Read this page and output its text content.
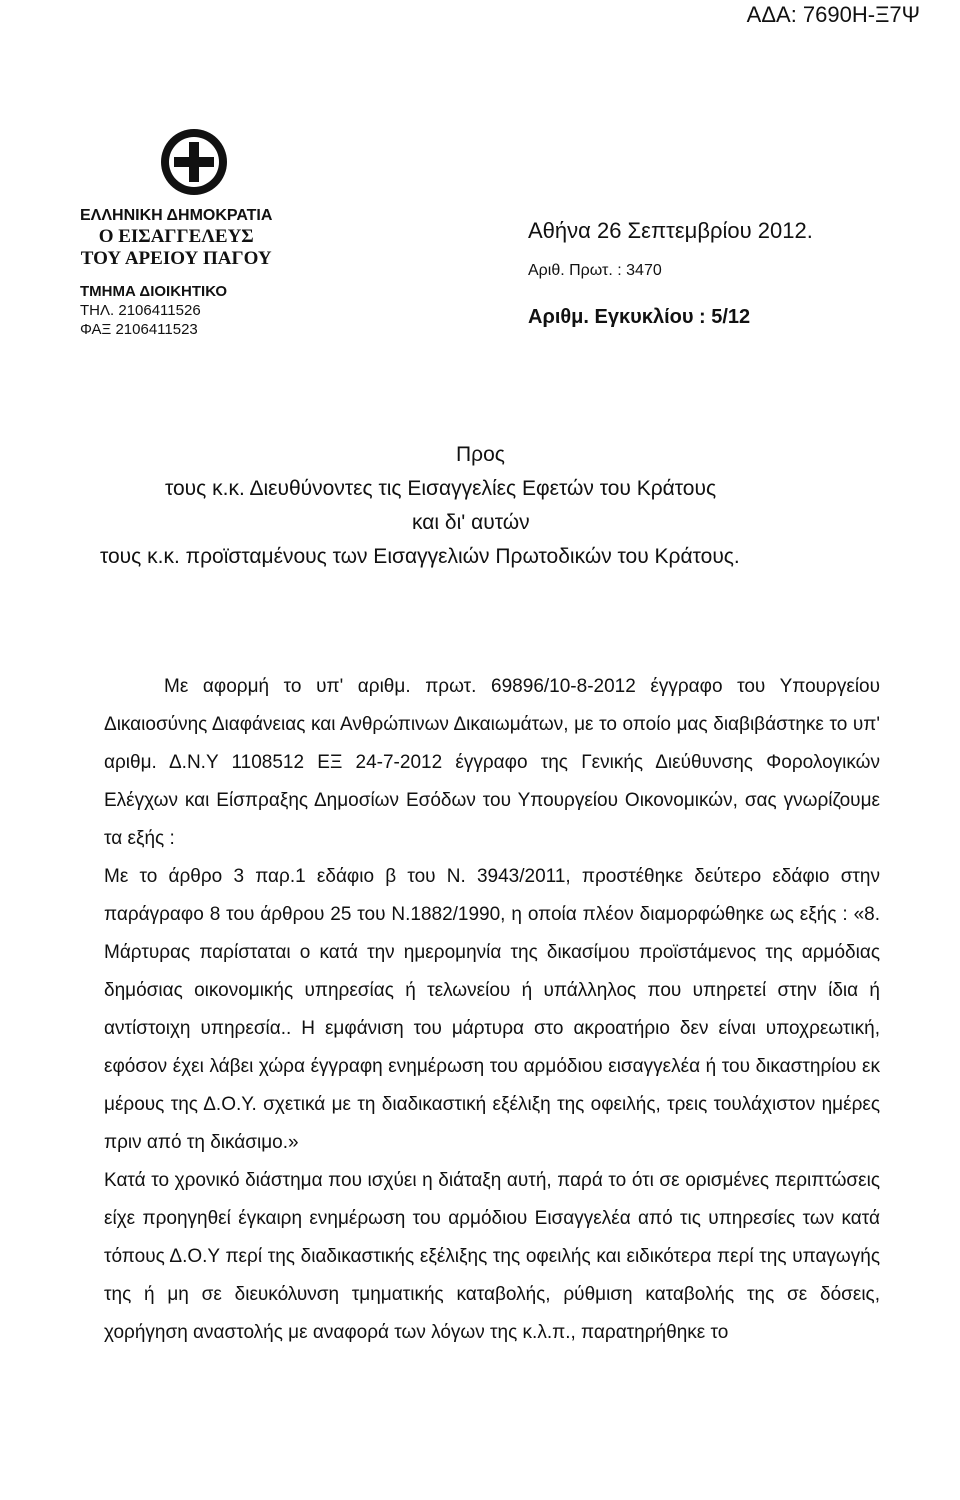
ΑΔΑ: 7690Η-Ξ7Ψ
ΕΛΛΗΝΙΚΗ ΔΗΜΟΚΡΑΤΙΑ
Ο ΕΙΣΑΓΓΕΛΕΥΣ
ΤΟΥ ΑΡΕΙΟΥ ΠΑΓΟΥ
ΤΜΗΜΑ ΔΙΟΙΚΗΤΙΚΟ
ΤΗΛ. 2106411526
ΦΑΞ 2106411523
Αθήνα 26 Σεπτεμβρίου 2012.
Αριθ. Πρωτ. : 3470
Αριθμ. Εγκυκλίου : 5/12
Προς
τους κ.κ. Διευθύνοντες τις Εισαγγελίες Εφετών του Κράτους
και δι' αυτών
τους κ.κ. προϊσταμένους των Εισαγγελιών Πρωτοδικών του Κράτους.

Με αφορμή το υπ' αριθμ. πρωτ. 69896/10-8-2012 έγγραφο του Υπουργείου Δικαιοσύνης Διαφάνειας και Ανθρώπινων Δικαιωμάτων, με το οποίο μας διαβιβάστηκε το υπ' αριθμ. Δ.Ν.Υ 1108512 ΕΞ 24-7-2012 έγγραφο της Γενικής Διεύθυνσης Φορολογικών Ελέγχων και Είσπραξης Δημοσίων Εσόδων του Υπουργείου Οικονομικών, σας γνωρίζουμε τα εξής :

Με το άρθρο 3 παρ.1 εδάφιο β του Ν. 3943/2011, προστέθηκε δεύτερο εδάφιο στην παράγραφο 8 του άρθρου 25 του Ν.1882/1990, η οποία πλέον διαμορφώθηκε ως εξής : «8. Μάρτυρας παρίσταται ο κατά την ημερομηνία της δικασίμου προϊστάμενος της αρμόδιας δημόσιας οικονομικής υπηρεσίας ή τελωνείου ή υπάλληλος που υπηρετεί στην ίδια ή αντίστοιχη υπηρεσία.. Η εμφάνιση του μάρτυρα στο ακροατήριο δεν είναι υποχρεωτική, εφόσον έχει λάβει χώρα έγγραφη ενημέρωση του αρμόδιου εισαγγελέα ή του δικαστηρίου εκ μέρους της Δ.Ο.Υ. σχετικά με τη διαδικαστική εξέλιξη της οφειλής, τρεις τουλάχιστον ημέρες πριν από τη δικάσιμο.»

Κατά το χρονικό διάστημα που ισχύει η διάταξη αυτή, παρά το ότι σε ορισμένες περιπτώσεις είχε προηγηθεί έγκαιρη ενημέρωση του αρμόδιου Εισαγγελέα από τις υπηρεσίες των κατά τόπους Δ.Ο.Υ περί της διαδικαστικής εξέλιξης της οφειλής και ειδικότερα περί της υπαγωγής της ή μη σε διευκόλυνση τμηματικής καταβολής, ρύθμιση καταβολής της σε δόσεις, χορήγηση αναστολής με αναφορά των λόγων της κ.λ.π., παρατηρήθηκε το
